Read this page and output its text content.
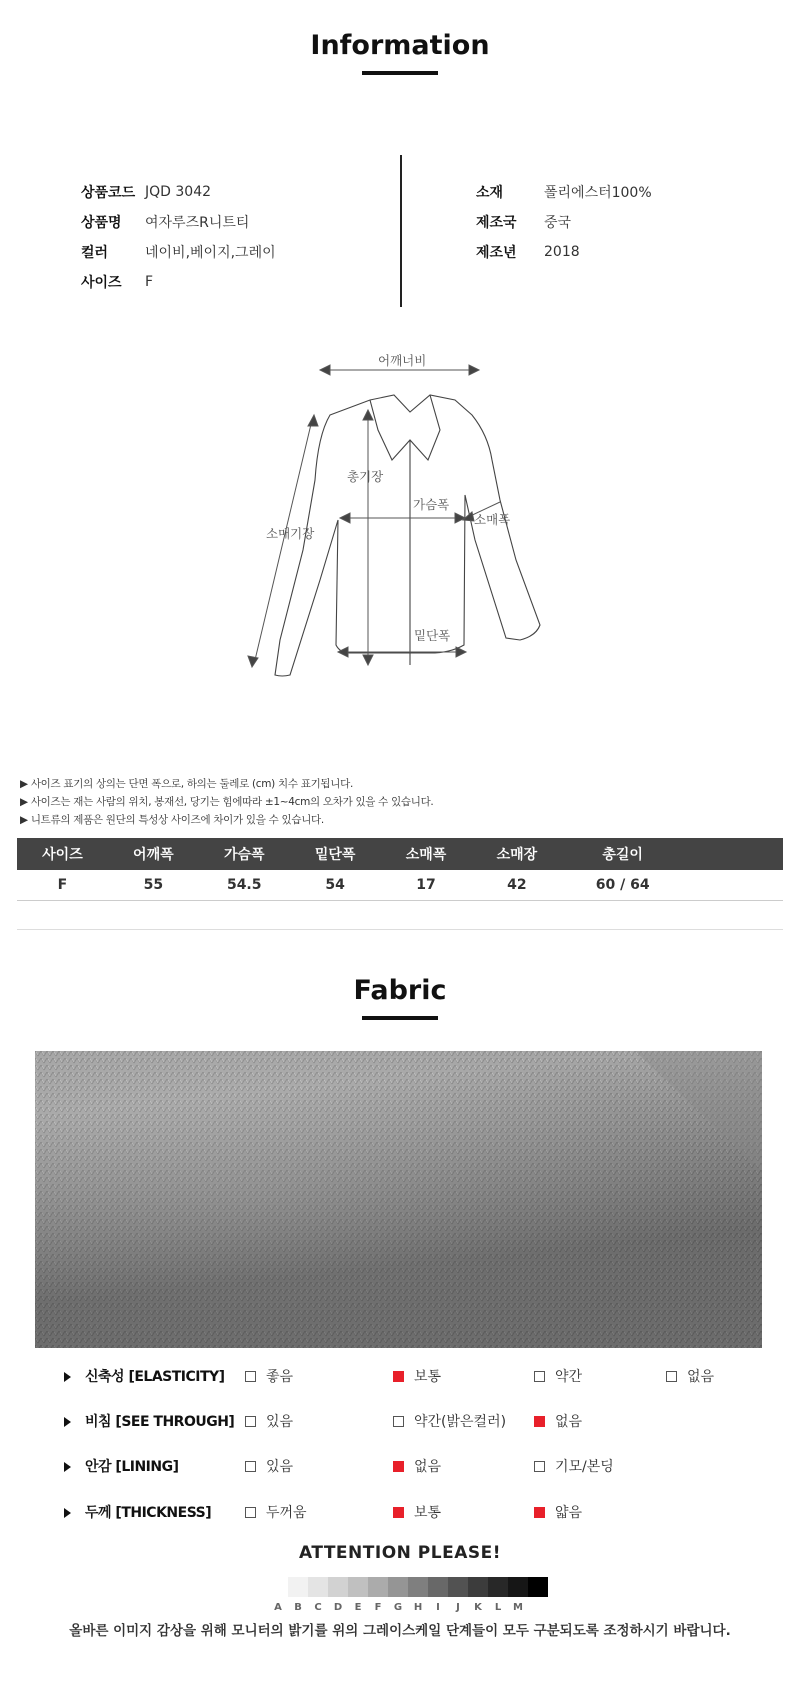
Information
상품코드 JQD 3042
상품명	여자루즈R니트티
컬러	네이비,베이지,그레이
사이즈	F
소재	폴리에스터100%
제조국	중국
제조년	2018
어깨너비
총기장
가슴폭
소매폭
소매기장
밑단폭
▶ 사이즈 표기의 상의는 단면 폭으로, 하의는 둘레로 (cm) 치수 표기됩니다.
▶ 사이즈는 재는 사람의 위치, 봉재선, 당기는 힘에따라 ±1~4cm의 오차가 있을 수 있습니다.
▶ 니트류의 제품은 원단의 특성상 사이즈에 차이가 있을 수 있습니다.
사이즈	어깨폭	가슴폭	밑단폭	소매폭	소매장	총길이	
F	55	54.5	54	17	42	60 / 64	
Fabric
신축성 [ELASTICITY]	좋음	보통	약간	없음
비침 [SEE THROUGH] 있음	약간(밝은컬러)	없음
안감 [LINING]	있음	없음	기모/본딩
두께 [THICKNESS]	두꺼움	보통	얇음
ATTENTION PLEASE!
A	B	C	D	E	F	G	H	I	J	K	L	M
올바른 이미지 감상을 위해 모니터의 밝기를 위의 그레이스케일 단계들이 모두 구분되도록 조정하시기 바랍니다.
